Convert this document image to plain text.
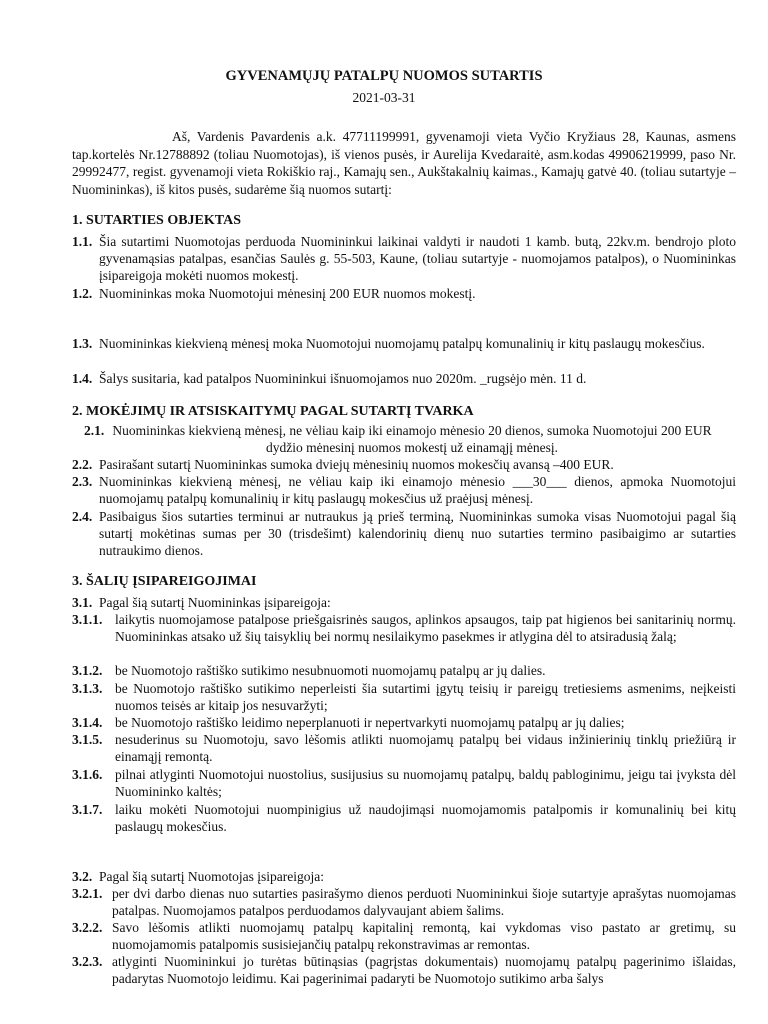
GYVENAMŲJŲ PATALPŲ NUOMOS SUTARTIS
2021-03-31
Aš, Vardenis Pavardenis a.k. 47711199991, gyvenamoji vieta Vyčio Kryžiaus 28, Kaunas, asmens tap.kortelės Nr.12788892 (toliau Nuomotojas), iš vienos pusės, ir Aurelija Kvedaraitė, asm.kodas 49906219999, paso Nr. 29992477, regist. gyvenamoji vieta Rokiškio raj., Kamajų sen., Aukštakalnių kaimas., Kamajų gatvė 40. (toliau sutartyje – Nuomininkas), iš kitos pusės, sudarėme šią nuomos sutartį:
1. SUTARTIES OBJEKTAS
1.1. Šia sutartimi Nuomotojas perduoda Nuomininkui laikinai valdyti ir naudoti 1 kamb. butą, 22kv.m. bendrojo ploto gyvenamąsias patalpas, esančias Saulės g. 55-503, Kaune, (toliau sutartyje - nuomojamos patalpos), o Nuomininkas įsipareigoja mokėti nuomos mokestį.
1.2. Nuomininkas moka Nuomotojui mėnesinį 200 EUR nuomos mokestį.
1.3. Nuomininkas kiekvieną mėnesį moka Nuomotojui nuomojamų patalpų komunalinių ir kitų paslaugų mokesčius.
1.4. Šalys susitaria, kad patalpos Nuomininkui išnuomojamos nuo 2020m. _rugsėjo mėn. 11 d.
2. MOKĖJIMŲ IR ATSISKAITYMŲ PAGAL SUTARTĮ TVARKA
2.1. Nuomininkas kiekvieną mėnesį, ne vėliau kaip iki einamojo mėnesio 20 dienos, sumoka Nuomotojui 200 EUR dydžio mėnesinį nuomos mokestį už einamąjį mėnesį.
2.2. Pasirašant sutartį Nuomininkas sumoka dviejų mėnesinių nuomos mokesčių avansą –400 EUR.
2.3. Nuomininkas kiekvieną mėnesį, ne vėliau kaip iki einamojo mėnesio ___30___ dienos, apmoka Nuomotojui nuomojamų patalpų komunalinių ir kitų paslaugų mokesčius už praėjusį mėnesį.
2.4. Pasibaigus šios sutarties terminui ar nutraukus ją prieš terminą, Nuomininkas sumoka visas Nuomotojui pagal šią sutartį mokėtinas sumas per 30 (trisdešimt) kalendorinių dienų nuo sutarties termino pasibaigimo ar sutarties nutraukimo dienos.
3. ŠALIŲ ĮSIPAREIGOJIMAI
3.1. Pagal šią sutartį Nuomininkas įsipareigoja:
3.1.1. laikytis nuomojamose patalpose priešgaisrinės saugos, aplinkos apsaugos, taip pat higienos bei sanitarinių normų. Nuomininkas atsako už šių taisyklių bei normų nesilaikymo pasekmes ir atlygina dėl to atsiradusią žalą;
3.1.2. be Nuomotojo raštiško sutikimo nesubnuomoti nuomojamų patalpų ar jų dalies.
3.1.3. be Nuomotojo raštiško sutikimo neperleisti šia sutartimi įgytų teisių ir pareigų tretiesiems asmenims, neįkeisti nuomos teisės ar kitaip jos nesuvaržyti;
3.1.4. be Nuomotojo raštiško leidimo neperplanuoti ir nepertvarkyti nuomojamų patalpų ar jų dalies;
3.1.5. nesuderinus su Nuomotoju, savo lėšomis atlikti nuomojamų patalpų bei vidaus inžinierinių tinklų priežiūrą ir einamąjį remontą.
3.1.6. pilnai atlyginti Nuomotojui nuostolius, susijusius su nuomojamų patalpų, baldų pabloginimu, jeigu tai įvyksta dėl Nuomininko kaltės;
3.1.7. laiku mokėti Nuomotojui nuompinigius už naudojimąsi nuomojamomis patalpomis ir komunalinių bei kitų paslaugų mokesčius.
3.2. Pagal šią sutartį Nuomotojas įsipareigoja:
3.2.1. per dvi darbo dienas nuo sutarties pasirašymo dienos perduoti Nuomininkui šioje sutartyje aprašytas nuomojamas patalpas. Nuomojamos patalpos perduodamos dalyvaujant abiem šalims.
3.2.2. Savo lėšomis atlikti nuomojamų patalpų kapitalinį remontą, kai vykdomas viso pastato ar gretimų, su nuomojamomis patalpomis susisiejančių patalpų rekonstravimas ar remontas.
3.2.3. atlyginti Nuomininkui jo turėtas būtinąsias (pagrįstas dokumentais) nuomojamų patalpų pagerinimo išlaidas, padarytas Nuomotojo leidimu. Kai pagerinimai padaryti be Nuomotojo sutikimo arba šalys
